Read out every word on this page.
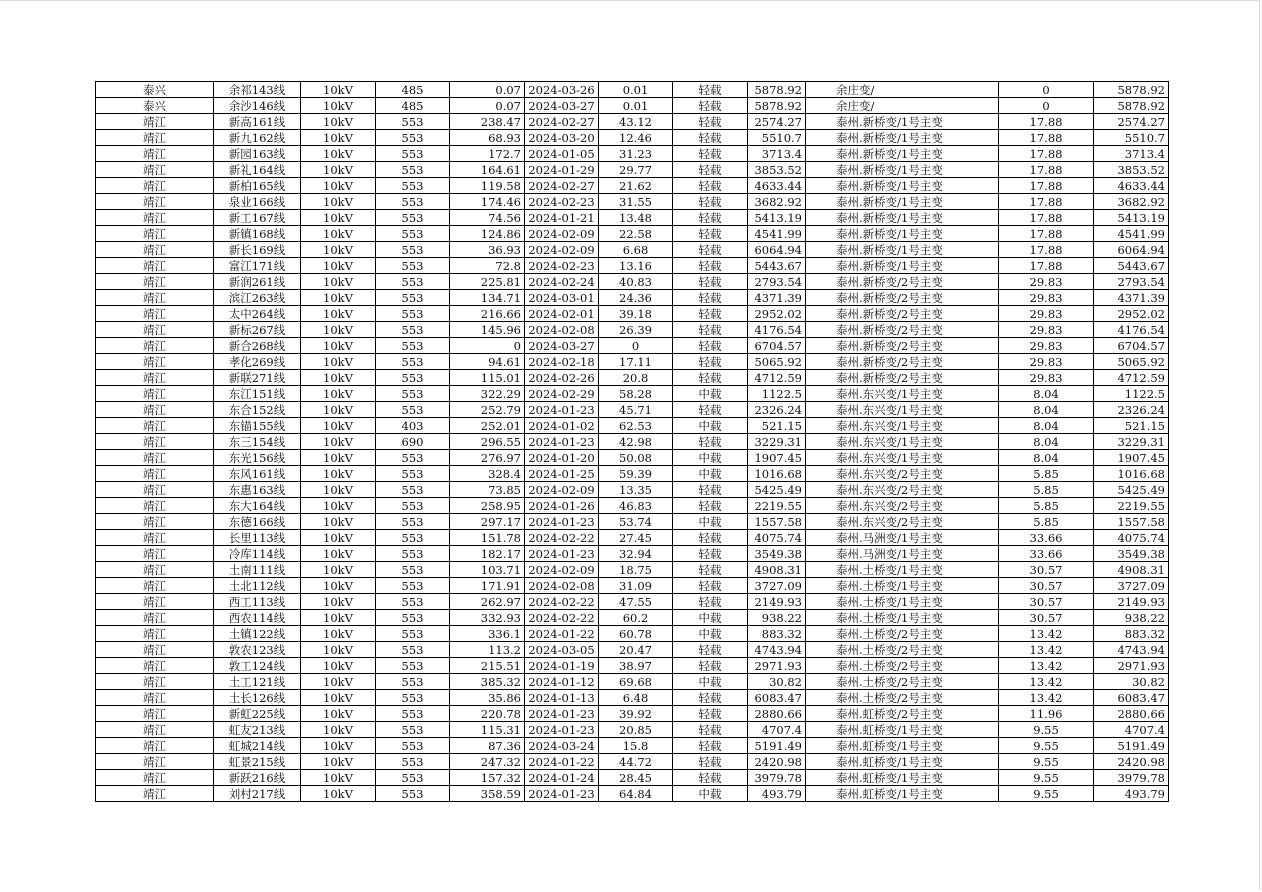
泰兴	余祁143线	10kV	485	0.07	2024-03-26	0.01	轻载	5878.92	余庄变/	0	5878.92
泰兴	余沙146线	10kV	485	0.07	2024-03-27	0.01	轻载	5878.92	余庄变/	0	5878.92
靖江	新高161线	10kV	553	238.47	2024-02-27	43.12	轻载	2574.27	泰州.新桥变/1号主变	17.88	2574.27
靖江	新九162线	10kV	553	68.93	2024-03-20	12.46	轻载	5510.7	泰州.新桥变/1号主变	17.88	5510.7
靖江	新园163线	10kV	553	172.7	2024-01-05	31.23	轻载	3713.4	泰州.新桥变/1号主变	17.88	3713.4
靖江	新礼164线	10kV	553	164.61	2024-01-29	29.77	轻载	3853.52	泰州.新桥变/1号主变	17.88	3853.52
靖江	新柏165线	10kV	553	119.58	2024-02-27	21.62	轻载	4633.44	泰州.新桥变/1号主变	17.88	4633.44
靖江	泉业166线	10kV	553	174.46	2024-02-23	31.55	轻载	3682.92	泰州.新桥变/1号主变	17.88	3682.92
靖江	新工167线	10kV	553	74.56	2024-01-21	13.48	轻载	5413.19	泰州.新桥变/1号主变	17.88	5413.19
靖江	新镇168线	10kV	553	124.86	2024-02-09	22.58	轻载	4541.99	泰州.新桥变/1号主变	17.88	4541.99
靖江	新长169线	10kV	553	36.93	2024-02-09	6.68	轻载	6064.94	泰州.新桥变/1号主变	17.88	6064.94
靖江	富江171线	10kV	553	72.8	2024-02-23	13.16	轻载	5443.67	泰州.新桥变/1号主变	17.88	5443.67
靖江	新润261线	10kV	553	225.81	2024-02-24	40.83	轻载	2793.54	泰州.新桥变/2号主变	29.83	2793.54
靖江	滨江263线	10kV	553	134.71	2024-03-01	24.36	轻载	4371.39	泰州.新桥变/2号主变	29.83	4371.39
靖江	太中264线	10kV	553	216.66	2024-02-01	39.18	轻载	2952.02	泰州.新桥变/2号主变	29.83	2952.02
靖江	新标267线	10kV	553	145.96	2024-02-08	26.39	轻载	4176.54	泰州.新桥变/2号主变	29.83	4176.54
靖江	新合268线	10kV	553	0	2024-03-27	0	轻载	6704.57	泰州.新桥变/2号主变	29.83	6704.57
靖江	孝化269线	10kV	553	94.61	2024-02-18	17.11	轻载	5065.92	泰州.新桥变/2号主变	29.83	5065.92
靖江	新联271线	10kV	553	115.01	2024-02-26	20.8	轻载	4712.59	泰州.新桥变/2号主变	29.83	4712.59
靖江	东江151线	10kV	553	322.29	2024-02-29	58.28	中载	1122.5	泰州.东兴变/1号主变	8.04	1122.5
靖江	东合152线	10kV	553	252.79	2024-01-23	45.71	轻载	2326.24	泰州.东兴变/1号主变	8.04	2326.24
靖江	东锚155线	10kV	403	252.01	2024-01-02	62.53	中载	521.15	泰州.东兴变/1号主变	8.04	521.15
靖江	东三154线	10kV	690	296.55	2024-01-23	42.98	轻载	3229.31	泰州.东兴变/1号主变	8.04	3229.31
靖江	东光156线	10kV	553	276.97	2024-01-20	50.08	中载	1907.45	泰州.东兴变/1号主变	8.04	1907.45
靖江	东风161线	10kV	553	328.4	2024-01-25	59.39	中载	1016.68	泰州.东兴变/2号主变	5.85	1016.68
靖江	东惠163线	10kV	553	73.85	2024-02-09	13.35	轻载	5425.49	泰州.东兴变/2号主变	5.85	5425.49
靖江	东大164线	10kV	553	258.95	2024-01-26	46.83	轻载	2219.55	泰州.东兴变/2号主变	5.85	2219.55
靖江	东德166线	10kV	553	297.17	2024-01-23	53.74	中载	1557.58	泰州.东兴变/2号主变	5.85	1557.58
靖江	长里113线	10kV	553	151.78	2024-02-22	27.45	轻载	4075.74	泰州.马洲变/1号主变	33.66	4075.74
靖江	冷库114线	10kV	553	182.17	2024-01-23	32.94	轻载	3549.38	泰州.马洲变/1号主变	33.66	3549.38
靖江	土南111线	10kV	553	103.71	2024-02-09	18.75	轻载	4908.31	泰州.土桥变/1号主变	30.57	4908.31
靖江	土北112线	10kV	553	171.91	2024-02-08	31.09	轻载	3727.09	泰州.土桥变/1号主变	30.57	3727.09
靖江	西工113线	10kV	553	262.97	2024-02-22	47.55	轻载	2149.93	泰州.土桥变/1号主变	30.57	2149.93
靖江	西农114线	10kV	553	332.93	2024-02-22	60.2	中载	938.22	泰州.土桥变/1号主变	30.57	938.22
靖江	土镇122线	10kV	553	336.1	2024-01-22	60.78	中载	883.32	泰州.土桥变/2号主变	13.42	883.32
靖江	敦农123线	10kV	553	113.2	2024-03-05	20.47	轻载	4743.94	泰州.土桥变/2号主变	13.42	4743.94
靖江	敦工124线	10kV	553	215.51	2024-01-19	38.97	轻载	2971.93	泰州.土桥变/2号主变	13.42	2971.93
靖江	土工121线	10kV	553	385.32	2024-01-12	69.68	中载	30.82	泰州.土桥变/2号主变	13.42	30.82
靖江	土长126线	10kV	553	35.86	2024-01-13	6.48	轻载	6083.47	泰州.土桥变/2号主变	13.42	6083.47
靖江	新虹225线	10kV	553	220.78	2024-01-23	39.92	轻载	2880.66	泰州.虹桥变/2号主变	11.96	2880.66
靖江	虹友213线	10kV	553	115.31	2024-01-23	20.85	轻载	4707.4	泰州.虹桥变/1号主变	9.55	4707.4
靖江	虹城214线	10kV	553	87.36	2024-03-24	15.8	轻载	5191.49	泰州.虹桥变/1号主变	9.55	5191.49
靖江	虹景215线	10kV	553	247.32	2024-01-22	44.72	轻载	2420.98	泰州.虹桥变/1号主变	9.55	2420.98
靖江	新跃216线	10kV	553	157.32	2024-01-24	28.45	轻载	3979.78	泰州.虹桥变/1号主变	9.55	3979.78
靖江	刘村217线	10kV	553	358.59	2024-01-23	64.84	中载	493.79	泰州.虹桥变/1号主变	9.55	493.79
